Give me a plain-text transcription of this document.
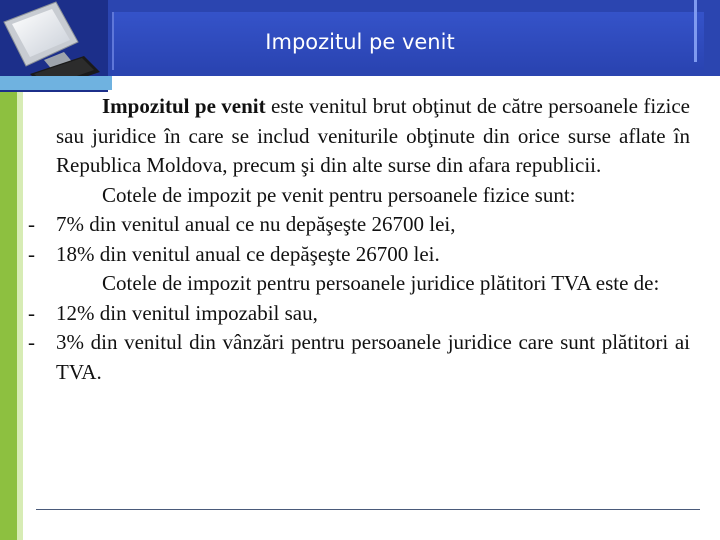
Impozitul pe venit

Impozitul pe venit este venitul brut obţinut de către persoanele fizice sau juridice în care se includ veniturile obţinute din orice surse aflate în Republica Moldova, precum şi din alte surse din afara republicii.

Cotele de impozit pe venit pentru persoanele fizice sunt:

- 7% din venitul anual ce nu depăşeşte 26700 lei,

- 18% din venitul anual ce depăşeşte 26700 lei.

Cotele de impozit pentru persoanele juridice plătitori TVA este de:

- 12% din venitul impozabil sau,

- 3% din venitul din vânzări pentru persoanele juridice care sunt plătitori ai TVA.
